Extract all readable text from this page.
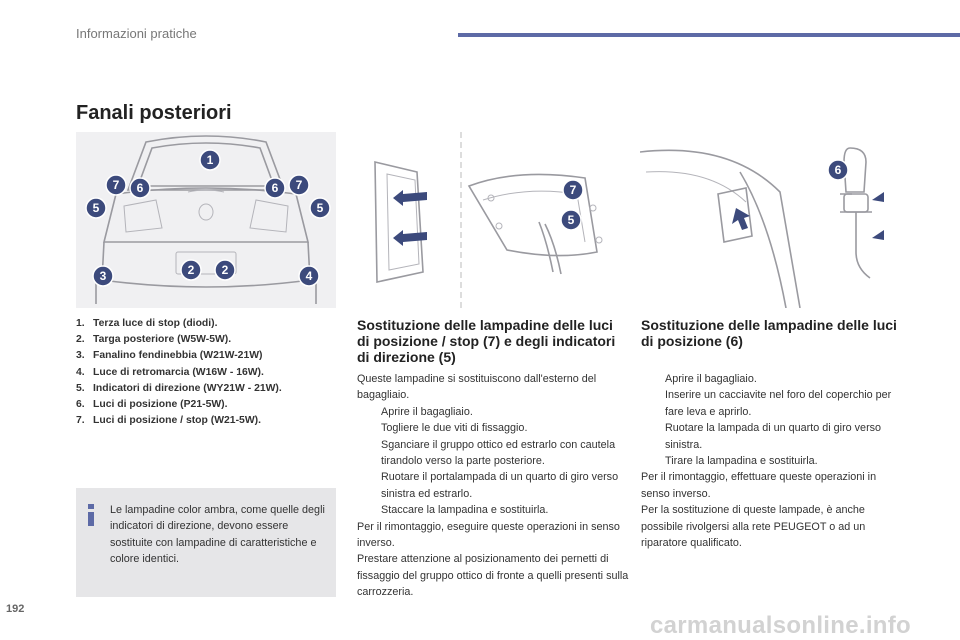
Informazioni pratiche
Fanali posteriori
1
7 6
5
6 7
5
3	2 2	4
7
5
6
1. Terza luce di stop (diodi).
2. Targa posteriore (W5W-5W).
3. Fanalino fendinebbia (W21W-21W)
4. Luce di retromarcia (W16W - 16W).
5. Indicatori di direzione (WY21W - 21W).
6. Luci di posizione (P21-5W).
7. Luci di posizione / stop (W21-5W).
Le lampadine color ambra, come quelle degli indicatori di direzione, devono essere sostituite con lampadine di caratteristiche e colore identici.
Sostituzione delle lampadine delle luci di posizione / stop (7) e degli indicatori di direzione (5)

Queste lampadine si sostituiscono dall'esterno del bagagliaio.

Aprire il bagagliaio.
Togliere le due viti di fissaggio.
Sganciare il gruppo ottico ed estrarlo con cautela tirandolo verso la parte posteriore.
Ruotare il portalampada di un quarto di giro verso sinistra ed estrarlo.
Staccare la lampadina e sostituirla.

Per il rimontaggio, eseguire queste operazioni in senso inverso.

Prestare attenzione al posizionamento dei pernetti di fissaggio del gruppo ottico di fronte a quelli presenti sulla carrozzeria.

Sostituzione delle lampadine delle luci di posizione (6)
Aprire il bagagliaio.
Inserire un cacciavite nel foro del coperchio per fare leva e aprirlo.
Ruotare la lampada di un quarto di giro verso sinistra.
Tirare la lampadina e sostituirla.

Per il rimontaggio, effettuare queste operazioni in senso inverso.

Per la sostituzione di queste lampade, è anche possibile rivolgersi alla rete PEUGEOT o ad un riparatore qualificato.

192
carmanualsonline.info
